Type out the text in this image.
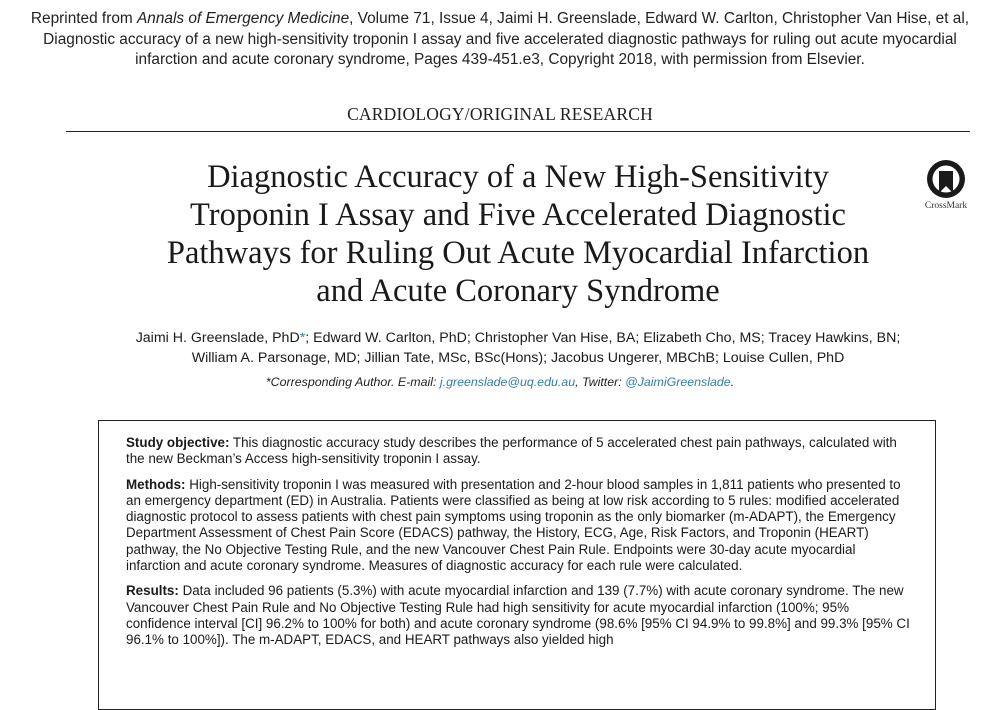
Reprinted from Annals of Emergency Medicine, Volume 71, Issue 4, Jaimi H. Greenslade, Edward W. Carlton, Christopher Van Hise, et al, Diagnostic accuracy of a new high-sensitivity troponin I assay and five accelerated diagnostic pathways for ruling out acute myocardial infarction and acute coronary syndrome, Pages 439-451.e3, Copyright 2018, with permission from Elsevier.
CARDIOLOGY/ORIGINAL RESEARCH
Diagnostic Accuracy of a New High-Sensitivity Troponin I Assay and Five Accelerated Diagnostic Pathways for Ruling Out Acute Myocardial Infarction and Acute Coronary Syndrome
CrossMark
Jaimi H. Greenslade, PhD*; Edward W. Carlton, PhD; Christopher Van Hise, BA; Elizabeth Cho, MS; Tracey Hawkins, BN;
William A. Parsonage, MD; Jillian Tate, MSc, BSc(Hons); Jacobus Ungerer, MBChB; Louise Cullen, PhD
*Corresponding Author. E-mail: j.greenslade@uq.edu.au, Twitter: @JaimiGreenslade.

Study objective: This diagnostic accuracy study describes the performance of 5 accelerated chest pain pathways, calculated with the new Beckman’s Access high-sensitivity troponin I assay.

Methods: High-sensitivity troponin I was measured with presentation and 2-hour blood samples in 1,811 patients who presented to an emergency department (ED) in Australia. Patients were classified as being at low risk according to 5 rules: modified accelerated diagnostic protocol to assess patients with chest pain symptoms using troponin as the only biomarker (m-ADAPT), the Emergency Department Assessment of Chest Pain Score (EDACS) pathway, the History, ECG, Age, Risk Factors, and Troponin (HEART) pathway, the No Objective Testing Rule, and the new Vancouver Chest Pain Rule. Endpoints were 30-day acute myocardial infarction and acute coronary syndrome. Measures of diagnostic accuracy for each rule were calculated.

Results: Data included 96 patients (5.3%) with acute myocardial infarction and 139 (7.7%) with acute coronary syndrome. The new Vancouver Chest Pain Rule and No Objective Testing Rule had high sensitivity for acute myocardial infarction (100%; 95% confidence interval [CI] 96.2% to 100% for both) and acute coronary syndrome (98.6% [95% CI 94.9% to 99.8%] and 99.3% [95% CI 96.1% to 100%]). The m-ADAPT, EDACS, and HEART pathways also yielded high
